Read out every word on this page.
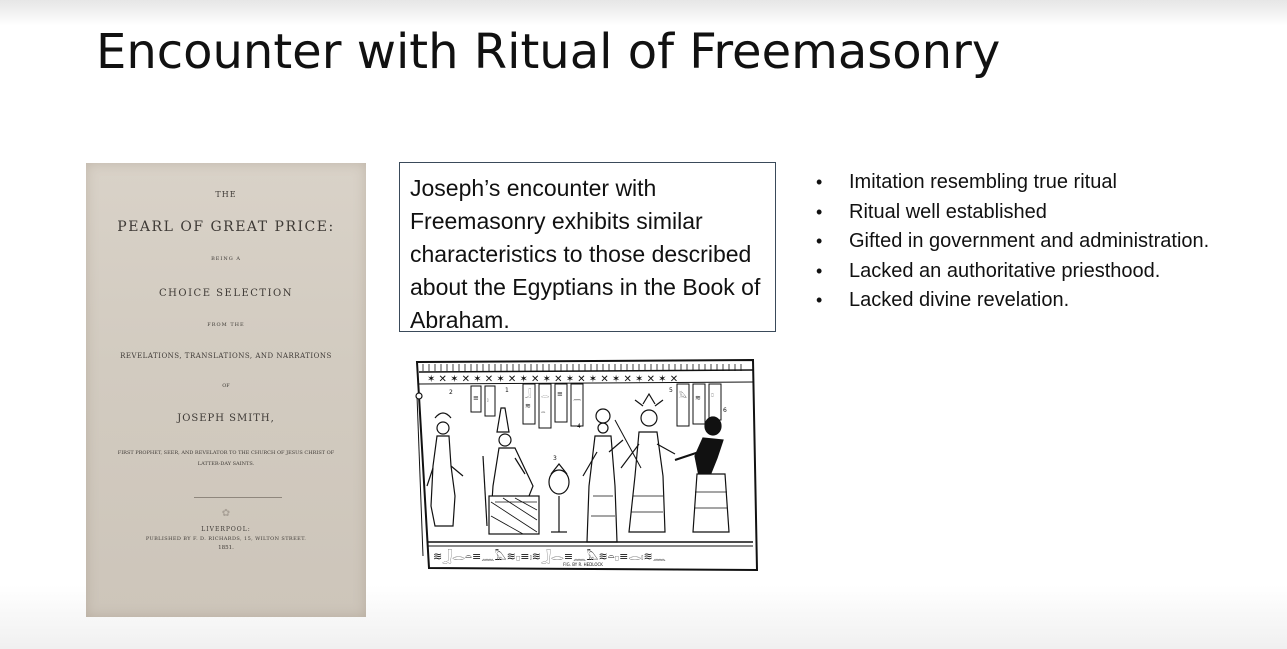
Encounter with Ritual of Freemasonry
THE
PEARL OF GREAT PRICE:
BEING A
CHOICE SELECTION
FROM THE
REVELATIONS, TRANSLATIONS, AND NARRATIONS
OF
JOSEPH SMITH,
FIRST PROPHET, SEER, AND REVELATOR TO THE CHURCH OF JESUS CHRIST OF LATTER-DAY SAINTS.
✿
LIVERPOOL:
PUBLISHED BY F. D. RICHARDS, 15, WILTON STREET.
1851.
Joseph’s encounter with Freemasonry exhibits similar characteristics to those described about the Egyptians in the Book of Abraham.
✶ ✕ ✶ ✕ ✶ ✕ ✶ ✕ ✶ ✕ ✶ ✕ ✶ ✕ ✶ ✕ ✶ ✕ ✶ ✕ ✶ ✕
𓃀
≋
𓂋
𓏏
≡ 𓈖	𓅓 ≋ 𓊪
≡ 𓏤
1
2
3
4
5
6
≋𓃀𓂋𓏏≡𓈖𓅓≋𓊪≡𓏤≋𓃀𓂋≡𓈖𓅓≋𓏏𓊪≡𓂋𓏤≋𓈖
FIG. BY R. HEDLOCK
• Imitation resembling true ritual
• Ritual well established
• Gifted in government and administration.
• Lacked an authoritative priesthood.
• Lacked divine revelation.
